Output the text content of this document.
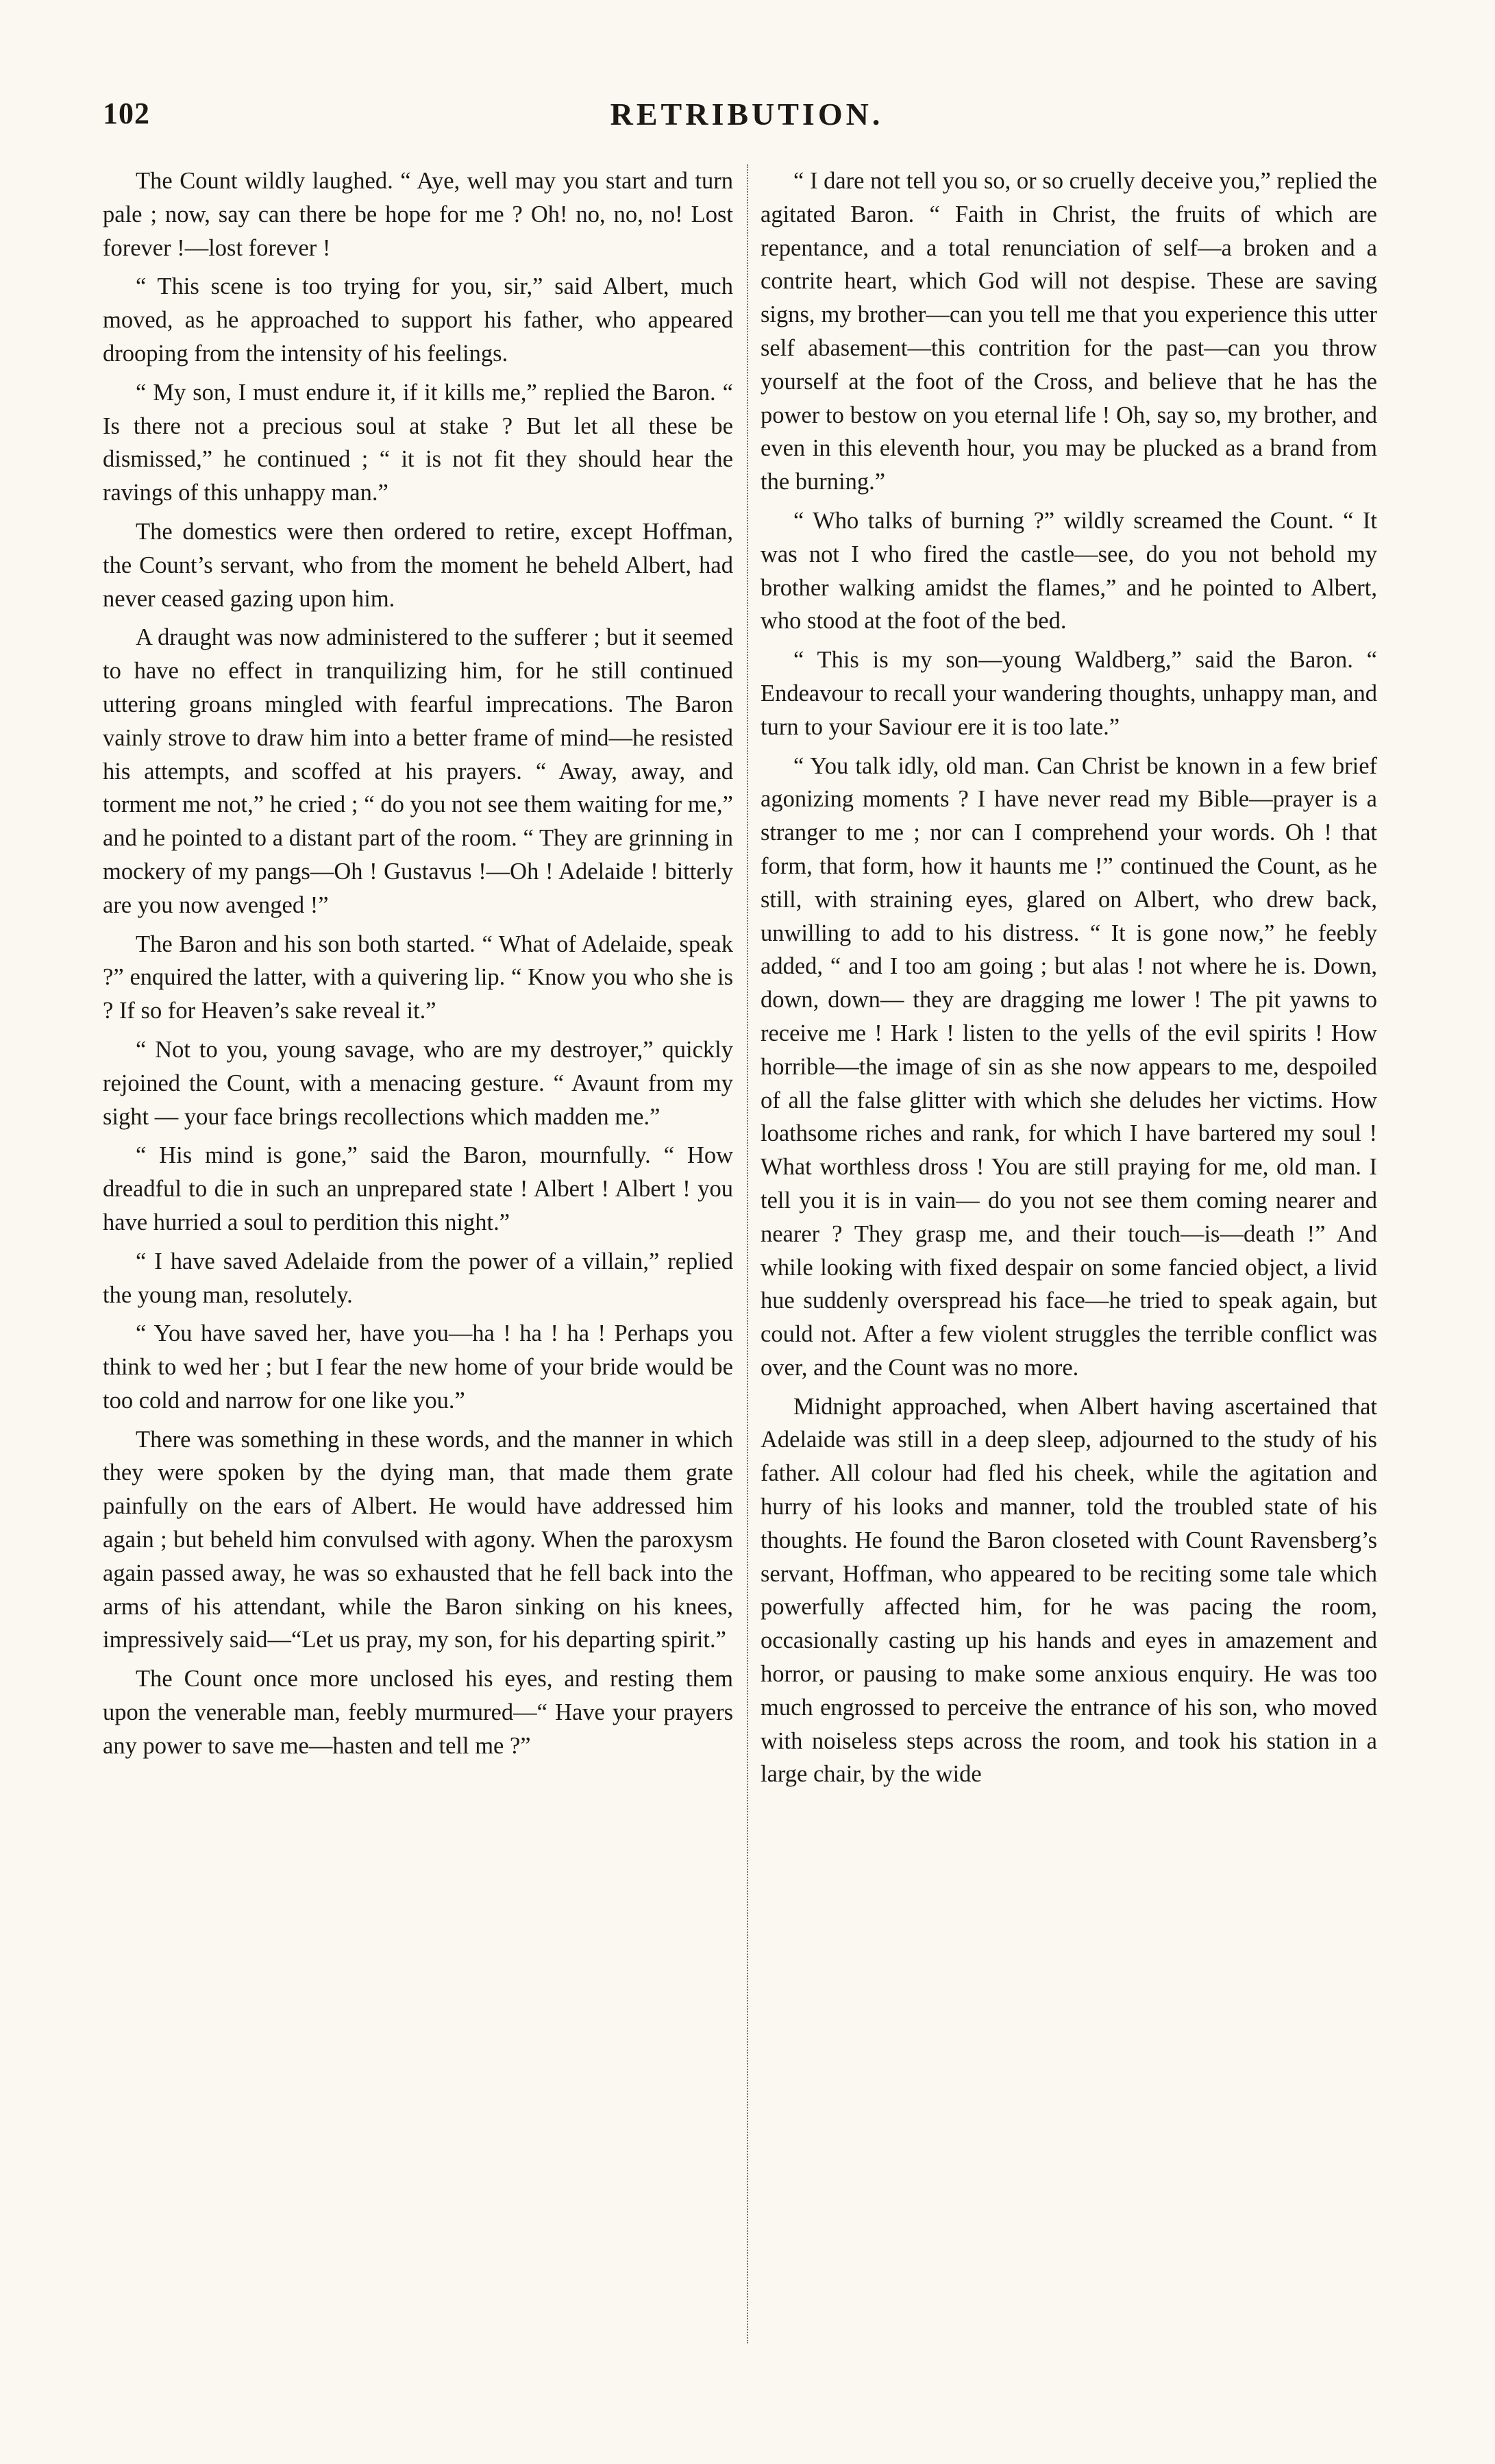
102	RETRIBUTION.

The Count wildly laughed. “ Aye, well may you start and turn pale ; now, say can there be hope for me ? Oh! no, no, no! Lost forever !—lost forever !

“ This scene is too trying for you, sir,” said Albert, much moved, as he approached to support his father, who appeared drooping from the intensity of his feelings.

“ My son, I must endure it, if it kills me,” replied the Baron. “ Is there not a precious soul at stake ? But let all these be dismissed,” he continued ; “ it is not fit they should hear the ravings of this unhappy man.”

The domestics were then ordered to retire, except Hoffman, the Count’s servant, who from the moment he beheld Albert, had never ceased gazing upon him.

A draught was now administered to the sufferer ; but it seemed to have no effect in tranquilizing him, for he still continued uttering groans mingled with fearful imprecations. The Baron vainly strove to draw him into a better frame of mind—he resisted his attempts, and scoffed at his prayers. “ Away, away, and torment me not,” he cried ; “ do you not see them waiting for me,” and he pointed to a distant part of the room. “ They are grinning in mockery of my pangs—Oh ! Gustavus !—Oh ! Adelaide ! bitterly are you now avenged !”

The Baron and his son both started. “ What of Adelaide, speak ?” enquired the latter, with a quivering lip. “ Know you who she is ? If so for Heaven’s sake reveal it.”

“ Not to you, young savage, who are my destroyer,” quickly rejoined the Count, with a menacing gesture. “ Avaunt from my sight — your face brings recollections which madden me.”

“ His mind is gone,” said the Baron, mournfully. “ How dreadful to die in such an unprepared state ! Albert ! Albert ! you have hurried a soul to perdition this night.”

“ I have saved Adelaide from the power of a villain,” replied the young man, resolutely.

“ You have saved her, have you—ha ! ha ! ha ! Perhaps you think to wed her ; but I fear the new home of your bride would be too cold and narrow for one like you.”

There was something in these words, and the manner in which they were spoken by the dying man, that made them grate painfully on the ears of Albert. He would have addressed him again ; but beheld him convulsed with agony. When the paroxysm again passed away, he was so exhausted that he fell back into the arms of his attendant, while the Baron sinking on his knees, impressively said—“Let us pray, my son, for his departing spirit.”

The Count once more unclosed his eyes, and resting them upon the venerable man, feebly murmured—“ Have your prayers any power to save me—hasten and tell me ?”

“ I dare not tell you so, or so cruelly deceive you,” replied the agitated Baron. “ Faith in Christ, the fruits of which are repentance, and a total renunciation of self—a broken and a contrite heart, which God will not despise. These are saving signs, my brother—can you tell me that you experience this utter self abasement—this contrition for the past—can you throw yourself at the foot of the Cross, and believe that he has the power to bestow on you eternal life ! Oh, say so, my brother, and even in this eleventh hour, you may be plucked as a brand from the burning.”

“ Who talks of burning ?” wildly screamed the Count. “ It was not I who fired the castle—see, do you not behold my brother walking amidst the flames,” and he pointed to Albert, who stood at the foot of the bed.

“ This is my son—young Waldberg,” said the Baron. “ Endeavour to recall your wandering thoughts, unhappy man, and turn to your Saviour ere it is too late.”

“ You talk idly, old man. Can Christ be known in a few brief agonizing moments ? I have never read my Bible—prayer is a stranger to me ; nor can I comprehend your words. Oh ! that form, that form, how it haunts me !” continued the Count, as he still, with straining eyes, glared on Albert, who drew back, unwilling to add to his distress. “ It is gone now,” he feebly added, “ and I too am going ; but alas ! not where he is. Down, down, down— they are dragging me lower ! The pit yawns to receive me ! Hark ! listen to the yells of the evil spirits ! How horrible—the image of sin as she now appears to me, despoiled of all the false glitter with which she deludes her victims. How loathsome riches and rank, for which I have bartered my soul ! What worthless dross ! You are still praying for me, old man. I tell you it is in vain— do you not see them coming nearer and nearer ? They grasp me, and their touch—is—death !” And while looking with fixed despair on some fancied object, a livid hue suddenly overspread his face—he tried to speak again, but could not. After a few violent struggles the terrible conflict was over, and the Count was no more.

Midnight approached, when Albert having ascertained that Adelaide was still in a deep sleep, adjourned to the study of his father. All colour had fled his cheek, while the agitation and hurry of his looks and manner, told the troubled state of his thoughts. He found the Baron closeted with Count Ravensberg’s servant, Hoffman, who appeared to be reciting some tale which powerfully affected him, for he was pacing the room, occasionally casting up his hands and eyes in amazement and horror, or pausing to make some anxious enquiry. He was too much engrossed to perceive the entrance of his son, who moved with noiseless steps across the room, and took his station in a large chair, by the wide
